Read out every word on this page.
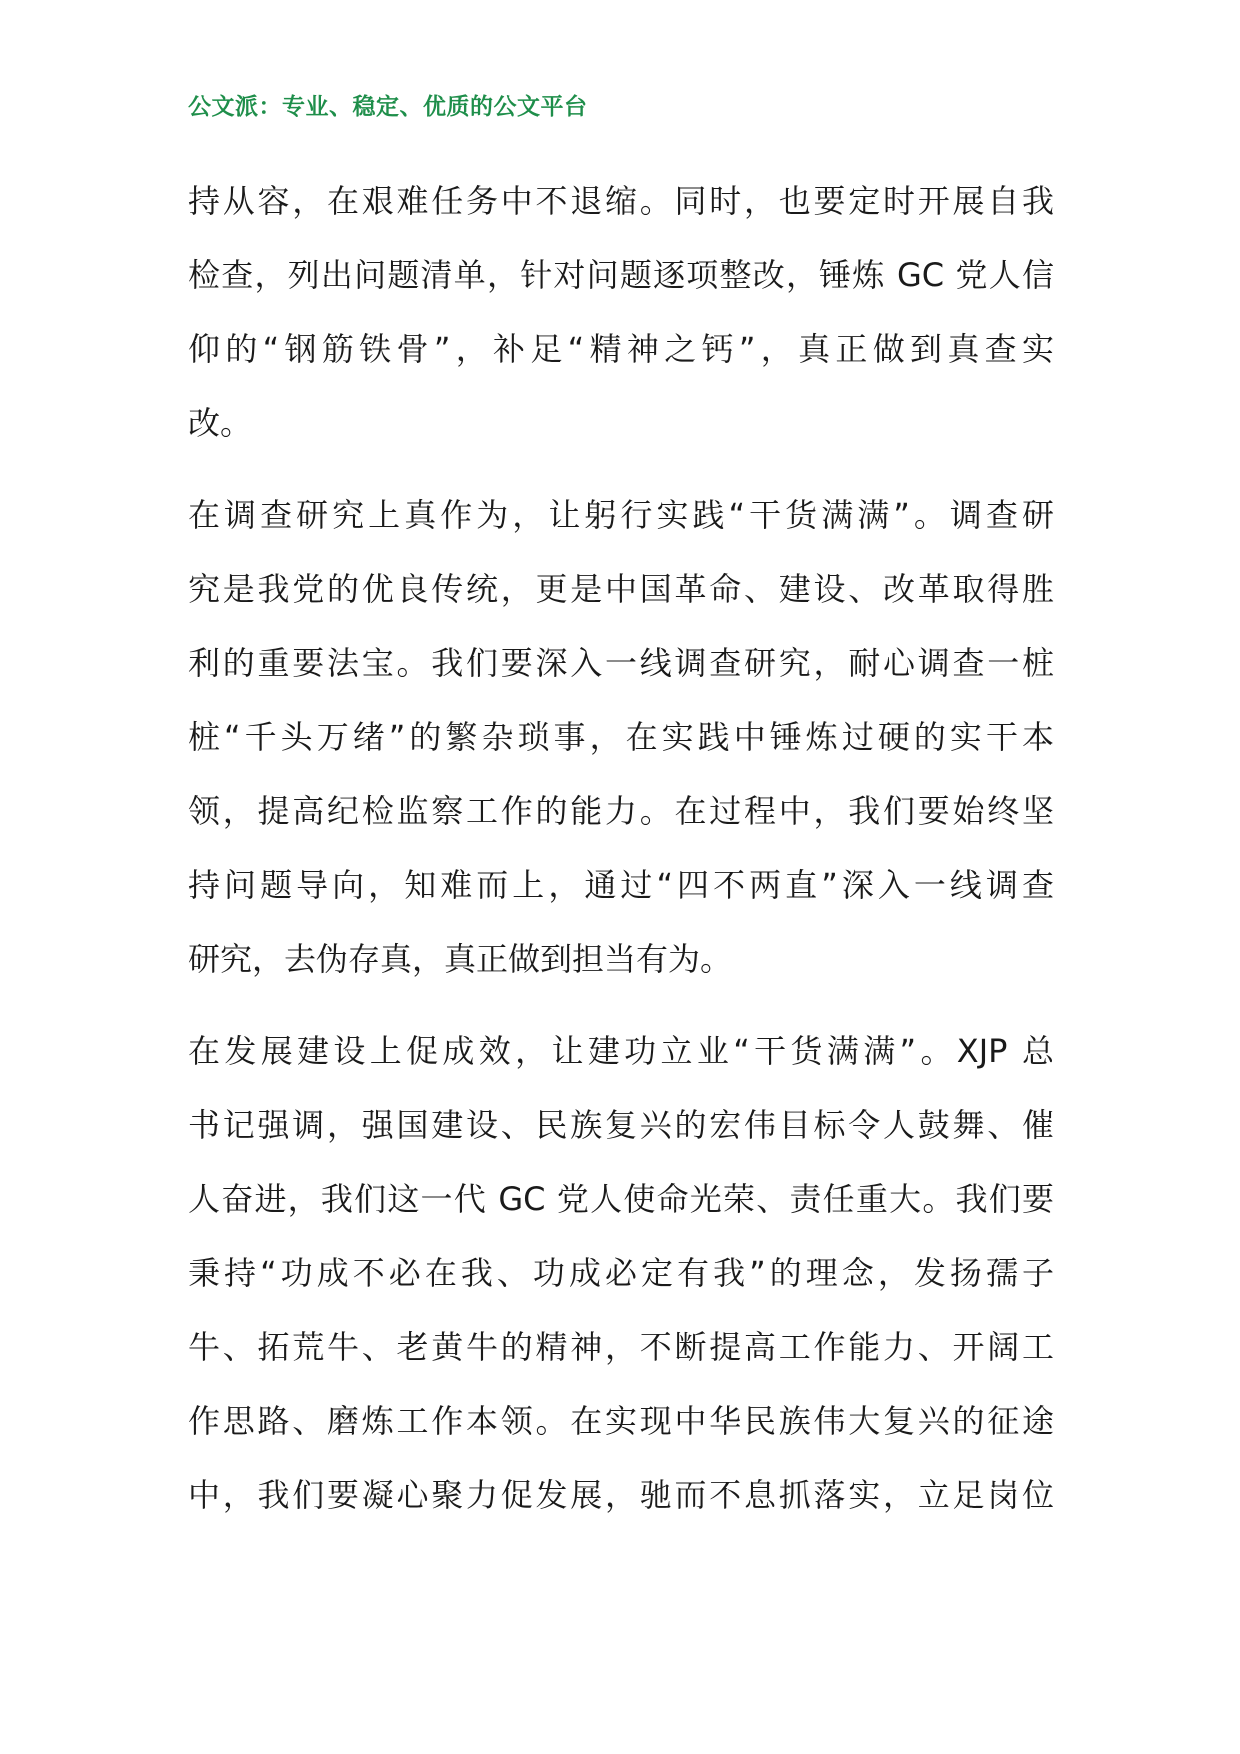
公文派：专业、稳定、优质的公文平台
持从容，在艰难任务中不退缩。同时，也要定时开展自我
检查，列出问题清单，针对问题逐项整改，锤炼 GC 党人信
仰的“钢筋铁骨”，补足“精神之钙”，真正做到真查实
改。
在调查研究上真作为，让躬行实践“干货满满”。调查研
究是我党的优良传统，更是中国革命、建设、改革取得胜
利的重要法宝。我们要深入一线调查研究，耐心调查一桩
桩“千头万绪”的繁杂琐事，在实践中锤炼过硬的实干本
领，提高纪检监察工作的能力。在过程中，我们要始终坚
持问题导向，知难而上，通过“四不两直”深入一线调查
研究，去伪存真，真正做到担当有为。
在发展建设上促成效，让建功立业“干货满满”。XJP 总
书记强调，强国建设、民族复兴的宏伟目标令人鼓舞、催
人奋进，我们这一代 GC 党人使命光荣、责任重大。我们要
秉持“功成不必在我、功成必定有我”的理念，发扬孺子
牛、拓荒牛、老黄牛的精神，不断提高工作能力、开阔工
作思路、磨炼工作本领。在实现中华民族伟大复兴的征途
中，我们要凝心聚力促发展，驰而不息抓落实，立足岗位
